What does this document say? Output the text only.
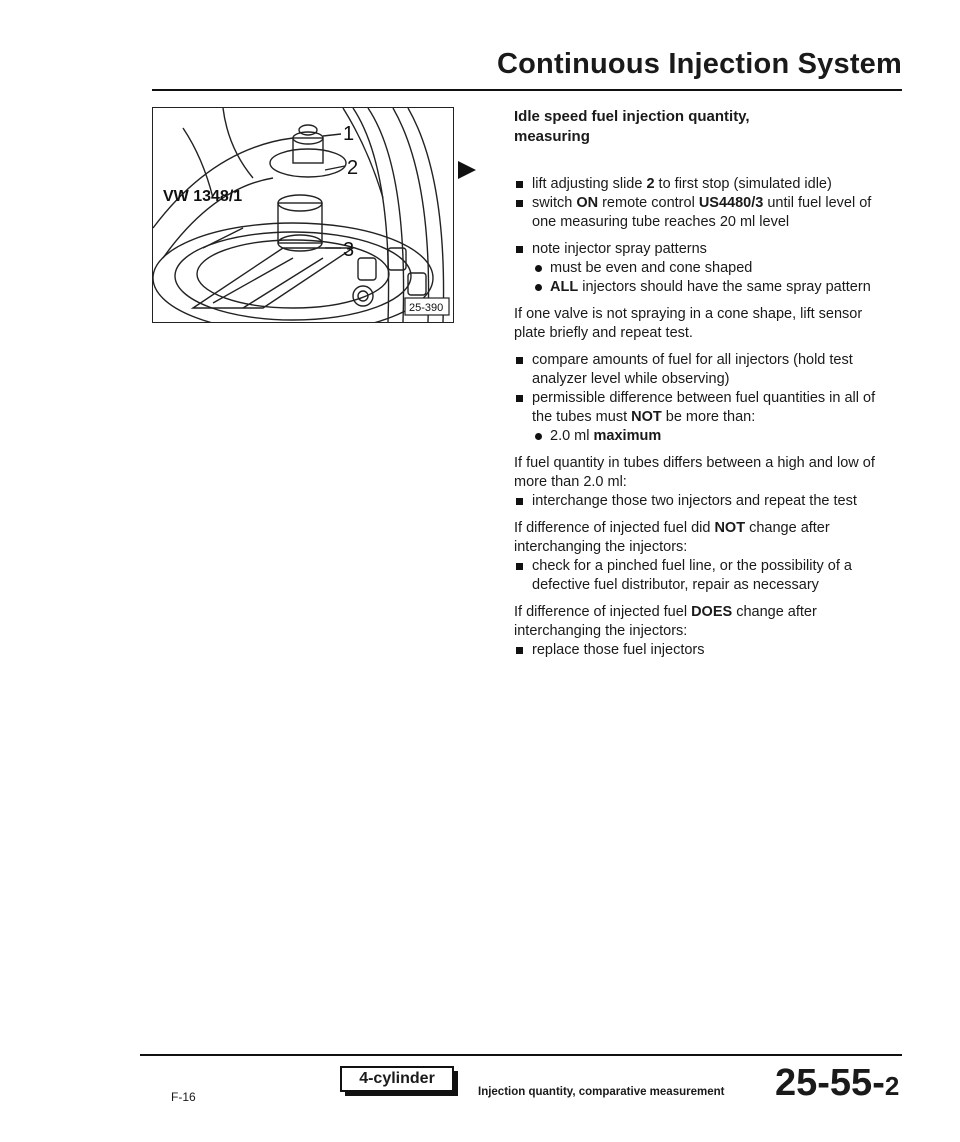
Continuous Injection System
VW 1348/1
1
2
3
25-390
Idle speed fuel injection quantity,
measuring
lift adjusting slide 2 to first stop (simulated idle)
switch ON remote control US4480/3 until fuel level of one measuring tube reaches 20 ml level
note injector spray patterns
must be even and cone shaped
ALL injectors should have the same spray pattern

If one valve is not spraying in a cone shape, lift sensor plate briefly and repeat test.

compare amounts of fuel for all injectors (hold test analyzer level while observing)
permissible difference between fuel quantities in all of the tubes must NOT be more than:
2.0 ml maximum

If fuel quantity in tubes differs between a high and low of more than 2.0 ml:

interchange those two injectors and repeat the test

If difference of injected fuel did NOT change after interchanging the injectors:

check for a pinched fuel line, or the possibility of a defective fuel distributor, repair as necessary

If difference of injected fuel DOES change after interchanging the injectors:

replace those fuel injectors
F-16
4-cylinder
Injection quantity, comparative measurement 25-55-2
